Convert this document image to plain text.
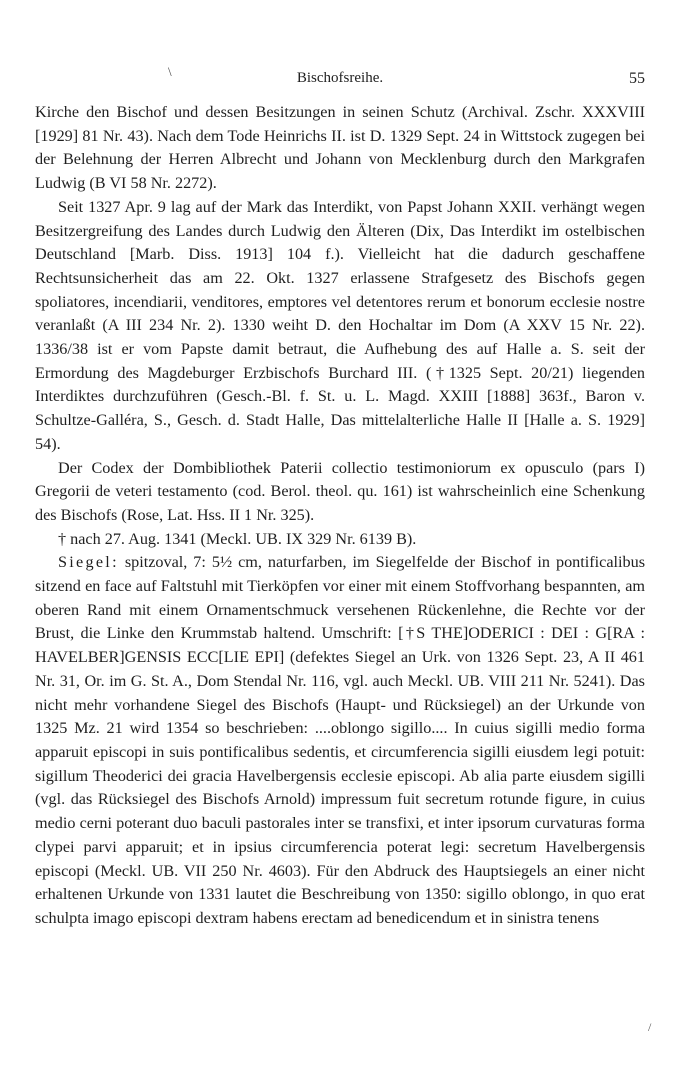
\	Bischofsreihe.	55

Kirche den Bischof und dessen Besitzungen in seinen Schutz (Archival. Zschr. XXXVIII [1929] 81 Nr. 43). Nach dem Tode Heinrichs II. ist D. 1329 Sept. 24 in Wittstock zugegen bei der Belehnung der Herren Albrecht und Johann von Mecklenburg durch den Markgrafen Ludwig (B VI 58 Nr. 2272).

Seit 1327 Apr. 9 lag auf der Mark das Interdikt, von Papst Johann XXII. verhängt wegen Besitzergreifung des Landes durch Ludwig den Älteren (Dix, Das Interdikt im ostelbischen Deutschland [Marb. Diss. 1913] 104 f.). Vielleicht hat die dadurch geschaffene Rechtsunsicherheit das am 22. Okt. 1327 erlassene Strafgesetz des Bischofs gegen spoliatores, incendiarii, venditores, emptores vel detentores rerum et bonorum ecclesie nostre veranlaßt (A III 234 Nr. 2). 1330 weiht D. den Hochaltar im Dom (A XXV 15 Nr. 22). 1336/38 ist er vom Papste damit betraut, die Aufhebung des auf Halle a. S. seit der Ermordung des Magdeburger Erzbischofs Burchard III. (†1325 Sept. 20/21) liegenden Interdiktes durchzuführen (Gesch.-Bl. f. St. u. L. Magd. XXIII [1888] 363f., Baron v. Schultze-Galléra, S., Gesch. d. Stadt Halle, Das mittelalterliche Halle II [Halle a. S. 1929] 54).

Der Codex der Dombibliothek Paterii collectio testimoniorum ex opusculo (pars I) Gregorii de veteri testamento (cod. Berol. theol. qu. 161) ist wahrscheinlich eine Schenkung des Bischofs (Rose, Lat. Hss. II 1 Nr. 325).

† nach 27. Aug. 1341 (Meckl. UB. IX 329 Nr. 6139 B).

Siegel: spitzoval, 7: 5½ cm, naturfarben, im Siegelfelde der Bischof in pontificalibus sitzend en face auf Faltstuhl mit Tierköpfen vor einer mit einem Stoffvorhang bespannten, am oberen Rand mit einem Ornamentschmuck versehenen Rückenlehne, die Rechte vor der Brust, die Linke den Krummstab haltend. Umschrift: [†S THE]ODERICI : DEI : G[RA : HAVELBER]GENSIS ECC[LIE EPI] (defektes Siegel an Urk. von 1326 Sept. 23, A II 461 Nr. 31, Or. im G. St. A., Dom Stendal Nr. 116, vgl. auch Meckl. UB. VIII 211 Nr. 5241). Das nicht mehr vorhandene Siegel des Bischofs (Haupt- und Rücksiegel) an der Urkunde von 1325 Mz. 21 wird 1354 so beschrieben: ....oblongo sigillo.... In cuius sigilli medio forma apparuit episcopi in suis pontificalibus sedentis, et circumferencia sigilli eiusdem legi potuit: sigillum Theoderici dei gracia Havelbergensis ecclesie episcopi. Ab alia parte eiusdem sigilli (vgl. das Rücksiegel des Bischofs Arnold) impressum fuit secretum rotunde figure, in cuius medio cerni poterant duo baculi pastorales inter se transfixi, et inter ipsorum curvaturas forma clypei parvi apparuit; et in ipsius circumferencia poterat legi: secretum Havelbergensis episcopi (Meckl. UB. VII 250 Nr. 4603). Für den Abdruck des Hauptsiegels an einer nicht erhaltenen Urkunde von 1331 lautet die Beschreibung von 1350: sigillo oblongo, in quo erat schulpta imago episcopi dextram habens erectam ad benedicendum et in sinistra tenens

/
